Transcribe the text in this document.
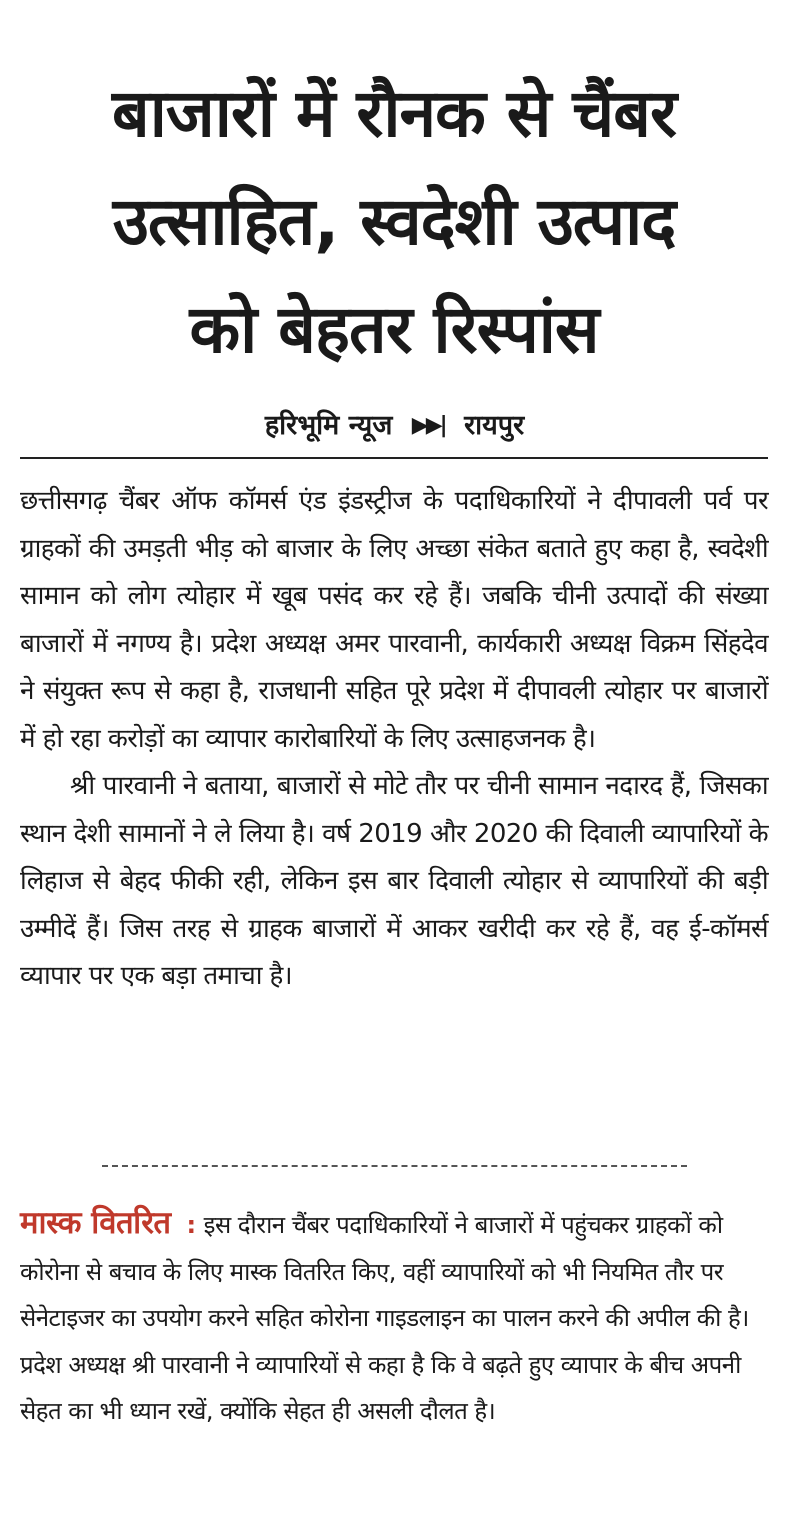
बाजारों में रौनक से चैंबर
उत्साहित, स्वदेशी उत्पाद
को बेहतर रिस्पांस
हरिभूमि न्यूज ▶▶| रायपुर

छत्तीसगढ़ चैंबर ऑफ कॉमर्स एंड इंडस्ट्रीज के पदाधिकारियों ने दीपावली पर्व पर ग्राहकों की उमड़ती भीड़ को बाजार के लिए अच्छा संकेत बताते हुए कहा है, स्वदेशी सामान को लोग त्योहार में खूब पसंद कर रहे हैं। जबकि चीनी उत्पादों की संख्या बाजारों में नगण्य है। प्रदेश अध्यक्ष अमर पारवानी, कार्यकारी अध्यक्ष विक्रम सिंहदेव ने संयुक्त रूप से कहा है, राजधानी सहित पूरे प्रदेश में दीपावली त्योहार पर बाजारों में हो रहा करोड़ों का व्यापार कारोबारियों के लिए उत्साहजनक है।

श्री पारवानी ने बताया, बाजारों से मोटे तौर पर चीनी सामान नदारद हैं, जिसका स्थान देशी सामानों ने ले लिया है। वर्ष 2019 और 2020 की दिवाली व्यापारियों के लिहाज से बेहद फीकी रही, लेकिन इस बार दिवाली त्योहार से व्यापारियों की बड़ी उम्मीदें हैं। जिस तरह से ग्राहक बाजारों में आकर खरीदी कर रहे हैं, वह ई-कॉमर्स व्यापार पर एक बड़ा तमाचा है।

मास्क वितरित : इस दौरान चैंबर पदाधिकारियों ने बाजारों में पहुंचकर ग्राहकों को कोरोना से बचाव के लिए मास्क वितरित किए, वहीं व्यापारियों को भी नियमित तौर पर सेनेटाइजर का उपयोग करने सहित कोरोना गाइडलाइन का पालन करने की अपील की है। प्रदेश अध्यक्ष श्री पारवानी ने व्यापारियों से कहा है कि वे बढ़ते हुए व्यापार के बीच अपनी सेहत का भी ध्यान रखें, क्योंकि सेहत ही असली दौलत है।
